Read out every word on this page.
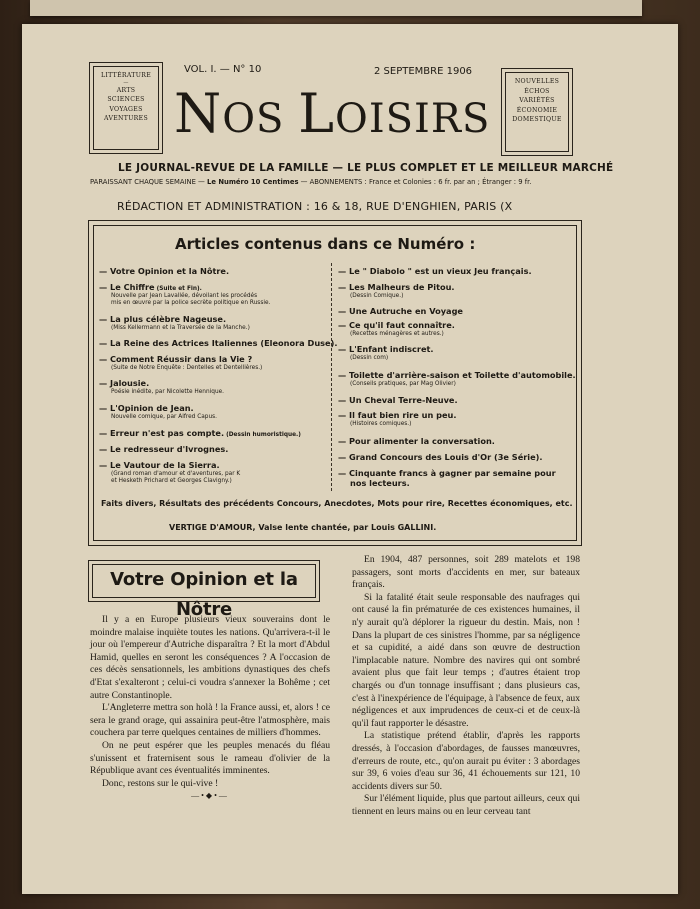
LITTÉRATURE
—
ARTS
SCIENCES
VOYAGES
AVENTURES
NOUVELLES
ÉCHOS
VARIÉTÉS
ÉCONOMIE
DOMESTIQUE
VOL. I. — N° 10	2 SEPTEMBRE 1906
NOS LOISIRS
LE JOURNAL-REVUE DE LA FAMILLE — LE PLUS COMPLET ET LE MEILLEUR MARCHÉ
PARAISSANT CHAQUE SEMAINE — Le Numéro 10 Centimes — ABONNEMENTS : France et Colonies : 6 fr. par an ; Étranger : 9 fr.
RÉDACTION ET ADMINISTRATION : 16 & 18, RUE D'ENGHIEN, PARIS (X
Articles contenus dans ce Numéro :
— Votre Opinion et la Nôtre.
— Le Chiffre (Suite et Fin).
Nouvelle par Jean Lavallée, dévoilant les procédés
mis en œuvre par la police secrète politique en Russie.
— La plus célèbre Nageuse.
(Miss Kellermann et la Traversée de la Manche.)
— La Reine des Actrices Italiennes (Eleonora Duse).
— Comment Réussir dans la Vie ?
(Suite de Notre Enquête : Dentelles et Dentellières.)
— Jalousie.
Poésie inédite, par Nicolette Hennique.
— L'Opinion de Jean.
Nouvelle comique, par Alfred Capus.
— Erreur n'est pas compte. (Dessin humoristique.)
— Le redresseur d'Ivrognes.
— Le Vautour de la Sierra.
(Grand roman d'amour et d'aventures, par K
et Hesketh Prichard et Georges Clavigny.)
— Le " Diabolo " est un vieux Jeu français.
— Les Malheurs de Pitou.
(Dessin Comique.)
— Une Autruche en Voyage
— Ce qu'il faut connaître.
(Recettes ménagères et autres.)
— L'Enfant indiscret.
(Dessin com)
— Toilette d'arrière-saison et Toilette d'automobile.
(Conseils pratiques, par Mag Olivier)
— Un Cheval Terre-Neuve.
— Il faut bien rire un peu.
(Histoires comiques.)
— Pour alimenter la conversation.
— Grand Concours des Louis d'Or (3e Série).
— Cinquante francs à gagner par semaine pour
nos lecteurs.
Faits divers, Résultats des précédents Concours, Anecdotes, Mots pour rire, Recettes économiques, etc.
VERTIGE D'AMOUR, Valse lente chantée, par Louis GALLINI.
Votre Opinion et la Nôtre

Il y a en Europe plusieurs vieux souverains dont le moindre malaise inquiète toutes les nations. Qu'arrivera-t-il le jour où l'empereur d'Autriche disparaîtra ? Et la mort d'Abdul Hamid, quelles en seront les conséquences ? A l'occasion de ces décès sensationnels, les ambitions dynastiques des chefs d'Etat s'exalteront ; celui-ci voudra s'annexer la Bohême ; cet autre Constantinople.

L'Angleterre mettra son holà ! la France aussi, et, alors ! ce sera le grand orage, qui assainira peut-être l'atmosphère, mais couchera par terre quelques centaines de milliers d'hommes.

On ne peut espérer que les peuples menacés du fléau s'unissent et fraternisent sous le rameau d'olivier de la République avant ces éventualités imminentes.

Donc, restons sur le qui-vive !

—•◆•—

En 1904, 487 personnes, soit 289 matelots et 198 passagers, sont morts d'accidents en mer, sur bateaux français.

Si la fatalité était seule responsable des naufrages qui ont causé la fin prématurée de ces existences humaines, il n'y aurait qu'à déplorer la rigueur du destin. Mais, non ! Dans la plupart de ces sinistres l'homme, par sa négligence et sa cupidité, a aidé dans son œuvre de destruction l'implacable nature. Nombre des navires qui ont sombré avaient plus que fait leur temps ; d'autres étaient trop chargés ou d'un tonnage insuffisant ; dans plusieurs cas, c'est à l'inexpérience de l'équipage, à l'absence de feux, aux négligences et aux imprudences de ceux-ci et de ceux-là qu'il faut rapporter le désastre.

La statistique prétend établir, d'après les rapports dressés, à l'occasion d'abordages, de fausses manœuvres, d'erreurs de route, etc., qu'on aurait pu éviter : 3 abordages sur 39, 6 voies d'eau sur 36, 41 échouements sur 121, 10 accidents divers sur 50.

Sur l'élément liquide, plus que partout ailleurs, ceux qui tiennent en leurs mains ou en leur cerveau tant
